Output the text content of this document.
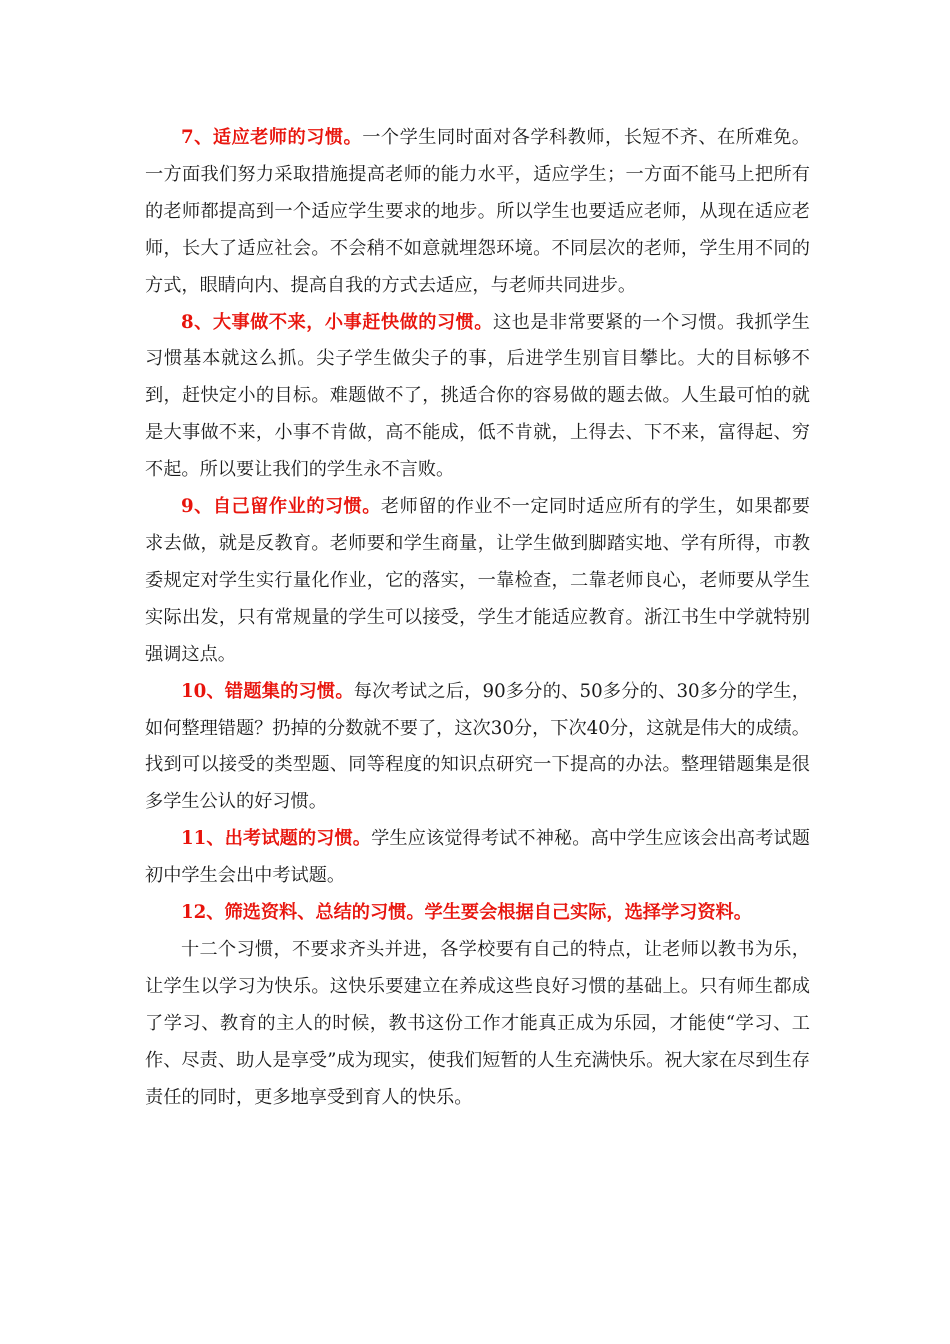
7、适应老师的习惯。一个学生同时面对各学科教师，长短不齐、在所难免。一方面我们努力采取措施提高老师的能力水平，适应学生；一方面不能马上把所有的老师都提高到一个适应学生要求的地步。所以学生也要适应老师，从现在适应老师，长大了适应社会。不会稍不如意就埋怨环境。不同层次的老师，学生用不同的方式，眼睛向内、提高自我的方式去适应，与老师共同进步。

8、大事做不来，小事赶快做的习惯。这也是非常要紧的一个习惯。我抓学生习惯基本就这么抓。尖子学生做尖子的事，后进学生别盲目攀比。大的目标够不到，赶快定小的目标。难题做不了，挑适合你的容易做的题去做。人生最可怕的就是大事做不来，小事不肯做，高不能成，低不肯就，上得去、下不来，富得起、穷不起。所以要让我们的学生永不言败。

9、自己留作业的习惯。老师留的作业不一定同时适应所有的学生，如果都要求去做，就是反教育。老师要和学生商量，让学生做到脚踏实地、学有所得，市教委规定对学生实行量化作业，它的落实，一靠检查，二靠老师良心，老师要从学生实际出发，只有常规量的学生可以接受，学生才能适应教育。浙江书生中学就特别强调这点。

10、错题集的习惯。每次考试之后，90多分的、50多分的、30多分的学生，如何整理错题？扔掉的分数就不要了，这次30分，下次40分，这就是伟大的成绩。找到可以接受的类型题、同等程度的知识点研究一下提高的办法。整理错题集是很多学生公认的好习惯。

11、出考试题的习惯。学生应该觉得考试不神秘。高中学生应该会出高考试题初中学生会出中考试题。

12、筛选资料、总结的习惯。学生要会根据自己实际，选择学习资料。

十二个习惯，不要求齐头并进，各学校要有自己的特点，让老师以教书为乐，让学生以学习为快乐。这快乐要建立在养成这些良好习惯的基础上。只有师生都成了学习、教育的主人的时候，教书这份工作才能真正成为乐园，才能使“学习、工作、尽责、助人是享受”成为现实，使我们短暂的人生充满快乐。祝大家在尽到生存责任的同时，更多地享受到育人的快乐。
